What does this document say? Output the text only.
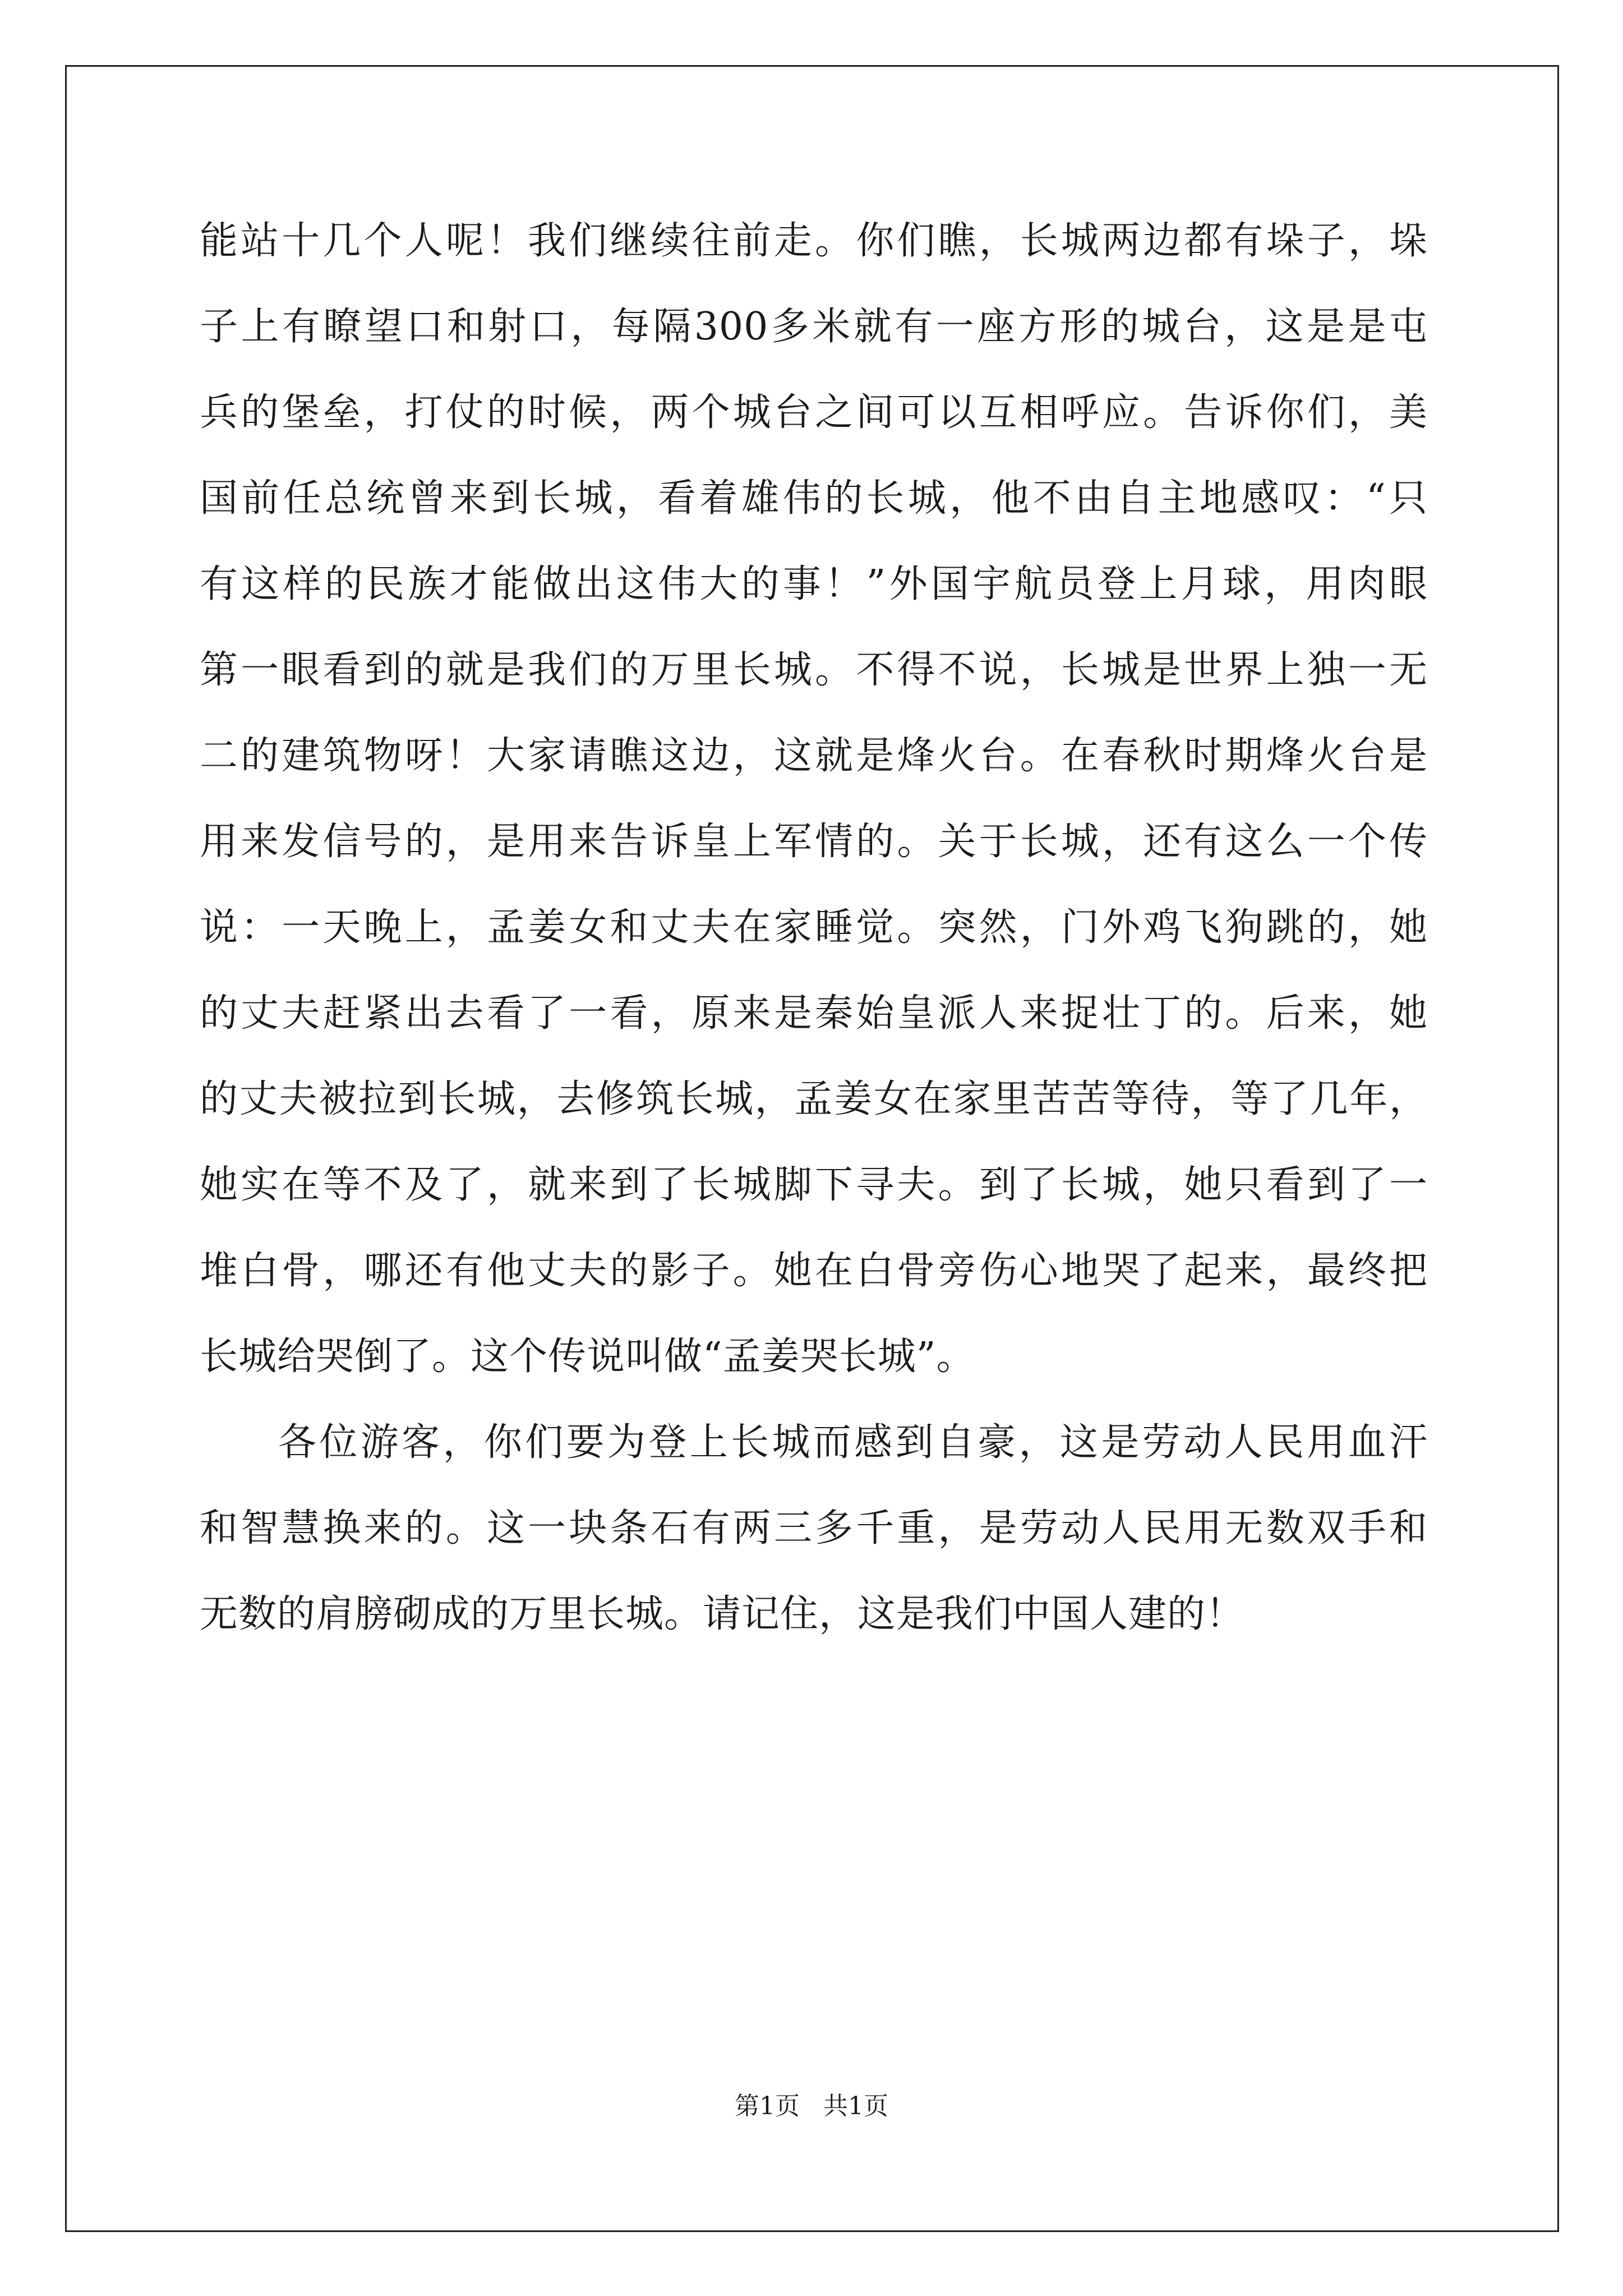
能站十几个人呢！我们继续往前走。你们瞧，长城两边都有垛子，垛
子上有瞭望口和射口，每隔300多米就有一座方形的城台，这是是屯
兵的堡垒，打仗的时候，两个城台之间可以互相呼应。告诉你们，美
国前任总统曾来到长城，看着雄伟的长城，他不由自主地感叹：“只
有这样的民族才能做出这伟大的事！”外国宇航员登上月球，用肉眼
第一眼看到的就是我们的万里长城。不得不说，长城是世界上独一无
二的建筑物呀！大家请瞧这边，这就是烽火台。在春秋时期烽火台是
用来发信号的，是用来告诉皇上军情的。关于长城，还有这么一个传
说：一天晚上，孟姜女和丈夫在家睡觉。突然，门外鸡飞狗跳的，她
的丈夫赶紧出去看了一看，原来是秦始皇派人来捉壮丁的。后来，她
的丈夫被拉到长城，去修筑长城，孟姜女在家里苦苦等待，等了几年，
她实在等不及了，就来到了长城脚下寻夫。到了长城，她只看到了一
堆白骨，哪还有他丈夫的影子。她在白骨旁伤心地哭了起来，最终把
长城给哭倒了。这个传说叫做“孟姜哭长城”。
各位游客，你们要为登上长城而感到自豪，这是劳动人民用血汗
和智慧换来的。这一块条石有两三多千重，是劳动人民用无数双手和
无数的肩膀砌成的万里长城。请记住，这是我们中国人建的！
第1页   共1页
